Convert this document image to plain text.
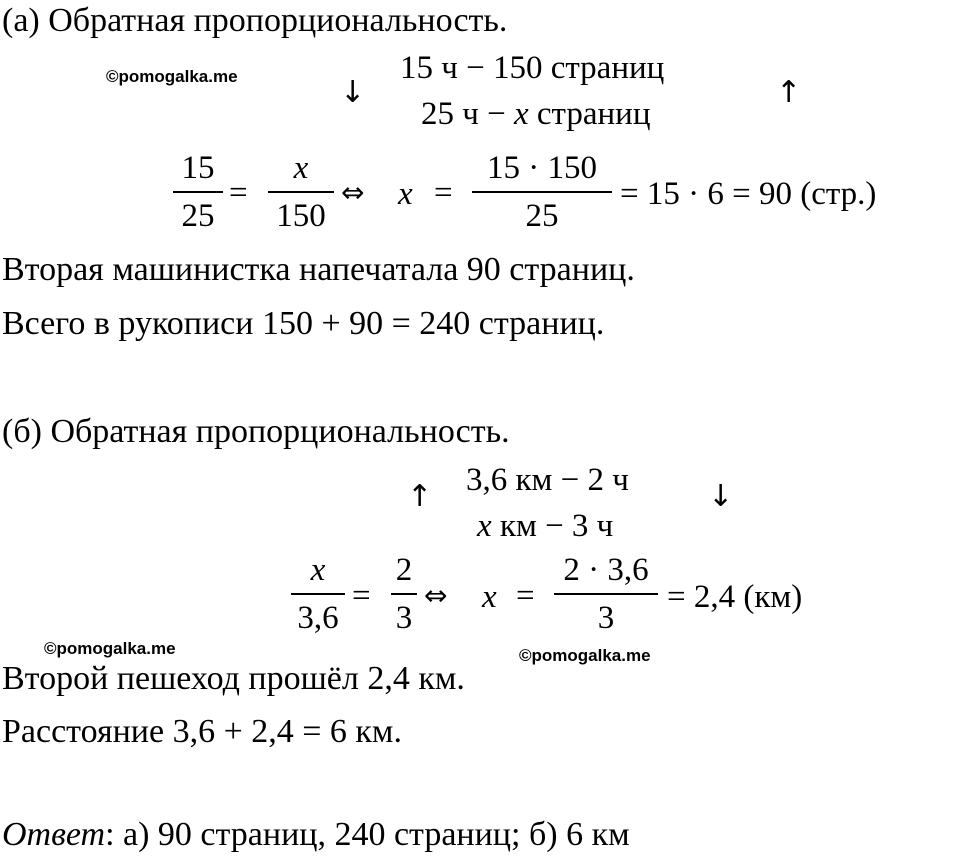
(а) Обратная пропорциональность.
©pomogalka.me	↓
15 ч − 150 страниц
↑
25 ч − x страниц
15
25
=
x
150
⇔ x =
15 · 150
25
= 15 · 6 = 90 (стр.)
Вторая машинистка напечатала 90 страниц.
Всего в рукописи 150 + 90 = 240 страниц.
(б) Обратная пропорциональность.
↑ 3,6 км − 2 ч	↓
x км − 3 ч
x
3,6
=
2
3
⇔ x =
2 · 3,6
3
= 2,4 (км)
©pomogalka.me	©pomogalka.me
Второй пешеход прошёл 2,4 км.
Расстояние 3,6 + 2,4 = 6 км.
Ответ: а) 90 страниц, 240 страниц; б) 6 км
